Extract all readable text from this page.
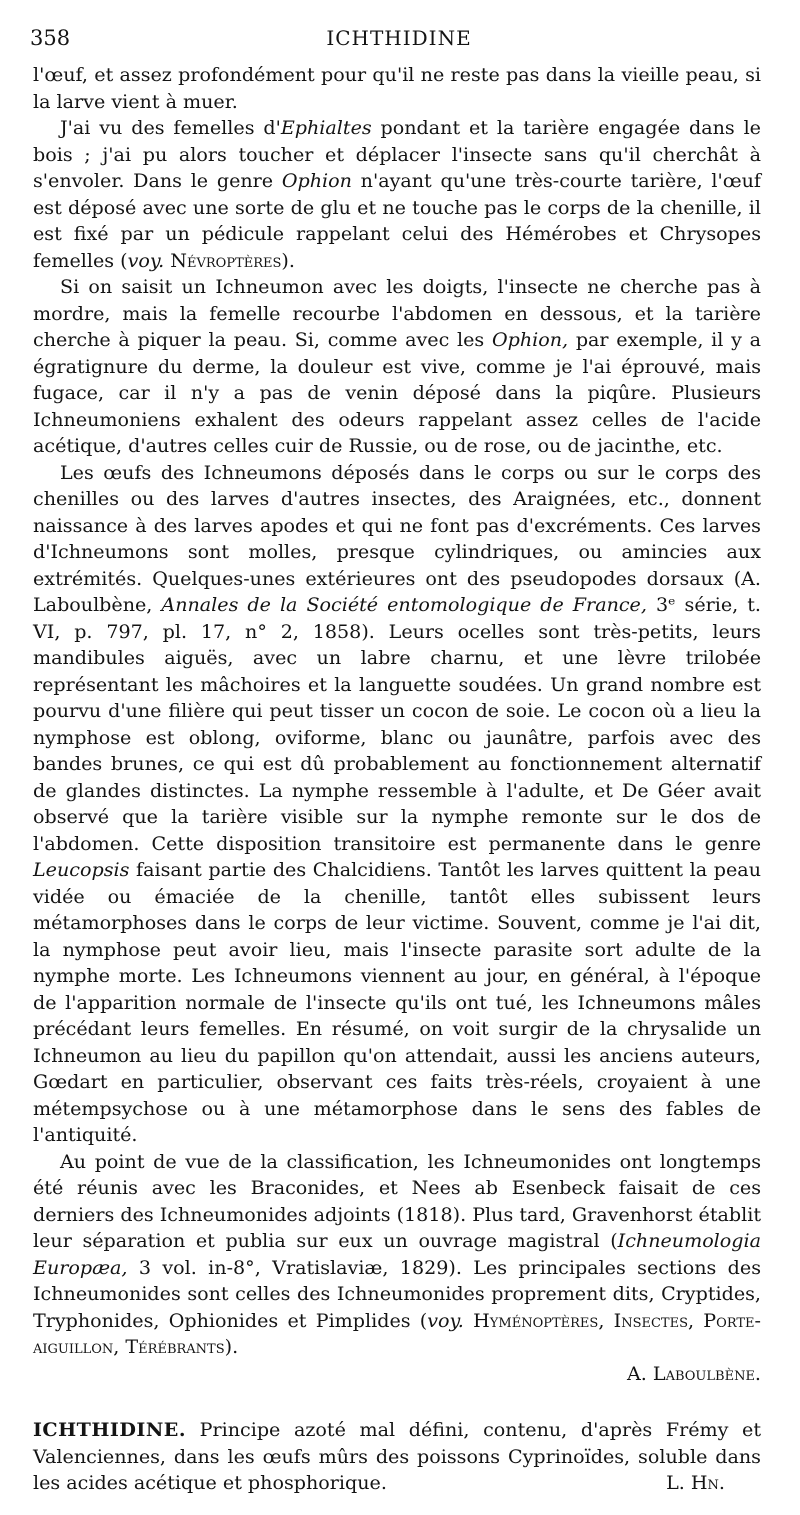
358	ICHTHIDINE

l'œuf, et assez profondément pour qu'il ne reste pas dans la vieille peau, si la larve vient à muer.

J'ai vu des femelles d'Ephialtes pondant et la tarière engagée dans le bois ; j'ai pu alors toucher et déplacer l'insecte sans qu'il cherchât à s'envoler. Dans le genre Ophion n'ayant qu'une très-courte tarière, l'œuf est déposé avec une sorte de glu et ne touche pas le corps de la chenille, il est fixé par un pédicule rappelant celui des Hémérobes et Chrysopes femelles (voy. Névroptères).

Si on saisit un Ichneumon avec les doigts, l'insecte ne cherche pas à mordre, mais la femelle recourbe l'abdomen en dessous, et la tarière cherche à piquer la peau. Si, comme avec les Ophion, par exemple, il y a égratignure du derme, la douleur est vive, comme je l'ai éprouvé, mais fugace, car il n'y a pas de venin déposé dans la piqûre. Plusieurs Ichneumoniens exhalent des odeurs rappelant assez celles de l'acide acétique, d'autres celles cuir de Russie, ou de rose, ou de jacinthe, etc.

Les œufs des Ichneumons déposés dans le corps ou sur le corps des chenilles ou des larves d'autres insectes, des Araignées, etc., donnent naissance à des larves apodes et qui ne font pas d'excréments. Ces larves d'Ichneumons sont molles, presque cylindriques, ou amincies aux extrémités. Quelques-unes extérieures ont des pseudopodes dorsaux (A. Laboulbène, Annales de la Société entomologique de France, 3ᵉ série, t. VI, p. 797, pl. 17, n° 2, 1858). Leurs ocelles sont très-petits, leurs mandibules aiguës, avec un labre charnu, et une lèvre trilobée représentant les mâchoires et la languette soudées. Un grand nombre est pourvu d'une filière qui peut tisser un cocon de soie. Le cocon où a lieu la nymphose est oblong, oviforme, blanc ou jaunâtre, parfois avec des bandes brunes, ce qui est dû probablement au fonctionnement alternatif de glandes distinctes. La nymphe ressemble à l'adulte, et De Géer avait observé que la tarière visible sur la nymphe remonte sur le dos de l'abdomen. Cette disposition transitoire est permanente dans le genre Leucopsis faisant partie des Chalcidiens. Tantôt les larves quittent la peau vidée ou émaciée de la chenille, tantôt elles subissent leurs métamorphoses dans le corps de leur victime. Souvent, comme je l'ai dit, la nymphose peut avoir lieu, mais l'insecte parasite sort adulte de la nymphe morte. Les Ichneumons viennent au jour, en général, à l'époque de l'apparition normale de l'insecte qu'ils ont tué, les Ichneumons mâles précédant leurs femelles. En résumé, on voit surgir de la chrysalide un Ichneumon au lieu du papillon qu'on attendait, aussi les anciens auteurs, Gœdart en particulier, observant ces faits très-réels, croyaient à une métempsychose ou à une métamorphose dans le sens des fables de l'antiquité.

Au point de vue de la classification, les Ichneumonides ont longtemps été réunis avec les Braconides, et Nees ab Esenbeck faisait de ces derniers des Ichneumonides adjoints (1818). Plus tard, Gravenhorst établit leur séparation et publia sur eux un ouvrage magistral (Ichneumologia Europæa, 3 vol. in-8°, Vratislaviæ, 1829). Les principales sections des Ichneumonides sont celles des Ichneumonides proprement dits, Cryptides, Tryphonides, Ophionides et Pimplides (voy. Hyménoptères, Insectes, Porte-aiguillon, Térébrants).

A. Laboulbène.

ICHTHIDINE. Principe azoté mal défini, contenu, d'après Frémy et Valenciennes, dans les œufs mûrs des poissons Cyprinoïdes, soluble dans les acides acétique et phosphorique.	L. Hn.
